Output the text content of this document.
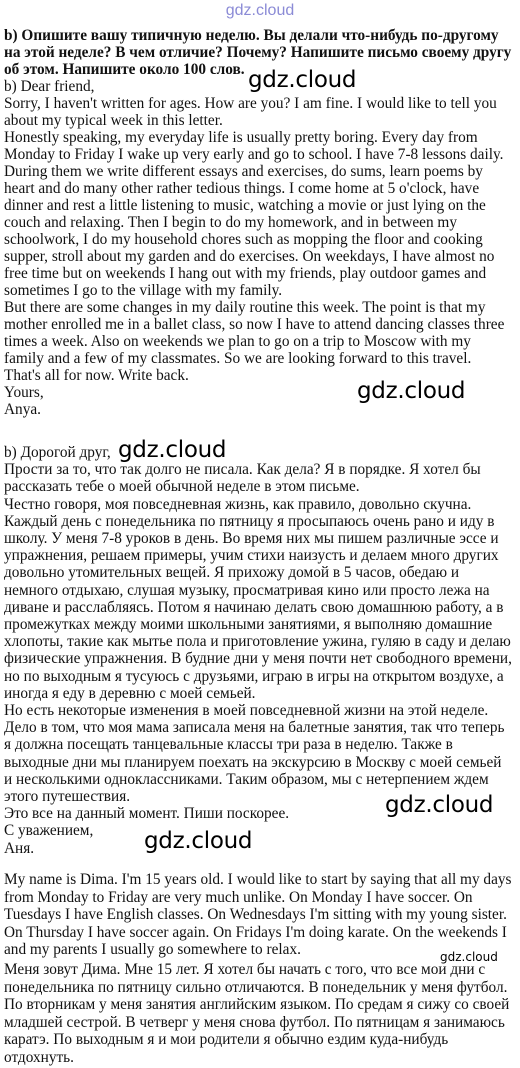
gdz.cloud
b) Опишите вашу типичную неделю. Вы делали что-нибудь по-другому
на этой неделе? В чем отличие? Почему? Напишите письмо своему другу
об этом. Напишите около 100 слов.
b) Dear friend,
Sorry, I haven't written for ages. How are you? I am fine. I would like to tell you
about my typical week in this letter.
Honestly speaking, my everyday life is usually pretty boring. Every day from
Monday to Friday I wake up very early and go to school. I have 7-8 lessons daily.
During them we write different essays and exercises, do sums, learn poems by
heart and do many other rather tedious things. I come home at 5 o'clock, have
dinner and rest a little listening to music, watching a movie or just lying on the
couch and relaxing. Then I begin to do my homework, and in between my
schoolwork, I do my household chores such as mopping the floor and cooking
supper, stroll about my garden and do exercises. On weekdays, I have almost no
free time but on weekends I hang out with my friends, play outdoor games and
sometimes I go to the village with my family.
But there are some changes in my daily routine this week. The point is that my
mother enrolled me in a ballet class, so now I have to attend dancing classes three
times a week. Also on weekends we plan to go on a trip to Moscow with my
family and a few of my classmates. So we are looking forward to this travel.
That's all for now. Write back.
Yours,
Anya.
b) Дорогой друг,
Прости за то, что так долго не писала. Как дела? Я в порядке. Я хотел бы
рассказать тебе о моей обычной неделе в этом письме.
Честно говоря, моя повседневная жизнь, как правило, довольно скучна.
Каждый день с понедельника по пятницу я просыпаюсь очень рано и иду в
школу. У меня 7-8 уроков в день. Во время них мы пишем различные эссе и
упражнения, решаем примеры, учим стихи наизусть и делаем много других
довольно утомительных вещей. Я прихожу домой в 5 часов, обедаю и
немного отдыхаю, слушая музыку, просматривая кино или просто лежа на
диване и расслабляясь. Потом я начинаю делать свою домашнюю работу, а в
промежутках между моими школьными занятиями, я выполняю домашние
хлопоты, такие как мытье пола и приготовление ужина, гуляю в саду и делаю
физические упражнения. В будние дни у меня почти нет свободного времени,
но по выходным я тусуюсь с друзьями, играю в игры на открытом воздухе, а
иногда я еду в деревню с моей семьей.
Но есть некоторые изменения в моей повседневной жизни на этой неделе.
Дело в том, что моя мама записала меня на балетные занятия, так что теперь
я должна посещать танцевальные классы три раза в неделю. Также в
выходные дни мы планируем поехать на экскурсию в Москву с моей семьей
и несколькими одноклассниками. Таким образом, мы с нетерпением ждем
этого путешествия.
Это все на данный момент. Пиши поскорее.
С уважением,
Аня.
My name is Dima. I'm 15 years old. I would like to start by saying that all my days
from Monday to Friday are very much unlike. On Monday I have soccer. On
Tuesdays I have English classes. On Wednesdays I'm sitting with my young sister.
On Thursday I have soccer again. On Fridays I'm doing karate. On the weekends I
and my parents I usually go somewhere to relax.
Меня зовут Дима. Мне 15 лет. Я хотел бы начать с того, что все мои дни с
понедельника по пятницу сильно отличаются. В понедельник у меня футбол.
По вторникам у меня занятия английским языком. По средам я сижу со своей
младшей сестрой. В четверг у меня снова футбол. По пятницам я занимаюсь
каратэ. По выходным я и мои родители я обычно ездим куда-нибудь
отдохнуть.
gdz.cloud
gdz.cloud
gdz.cloud
gdz.cloud
gdz.cloud
gdz.cloud
